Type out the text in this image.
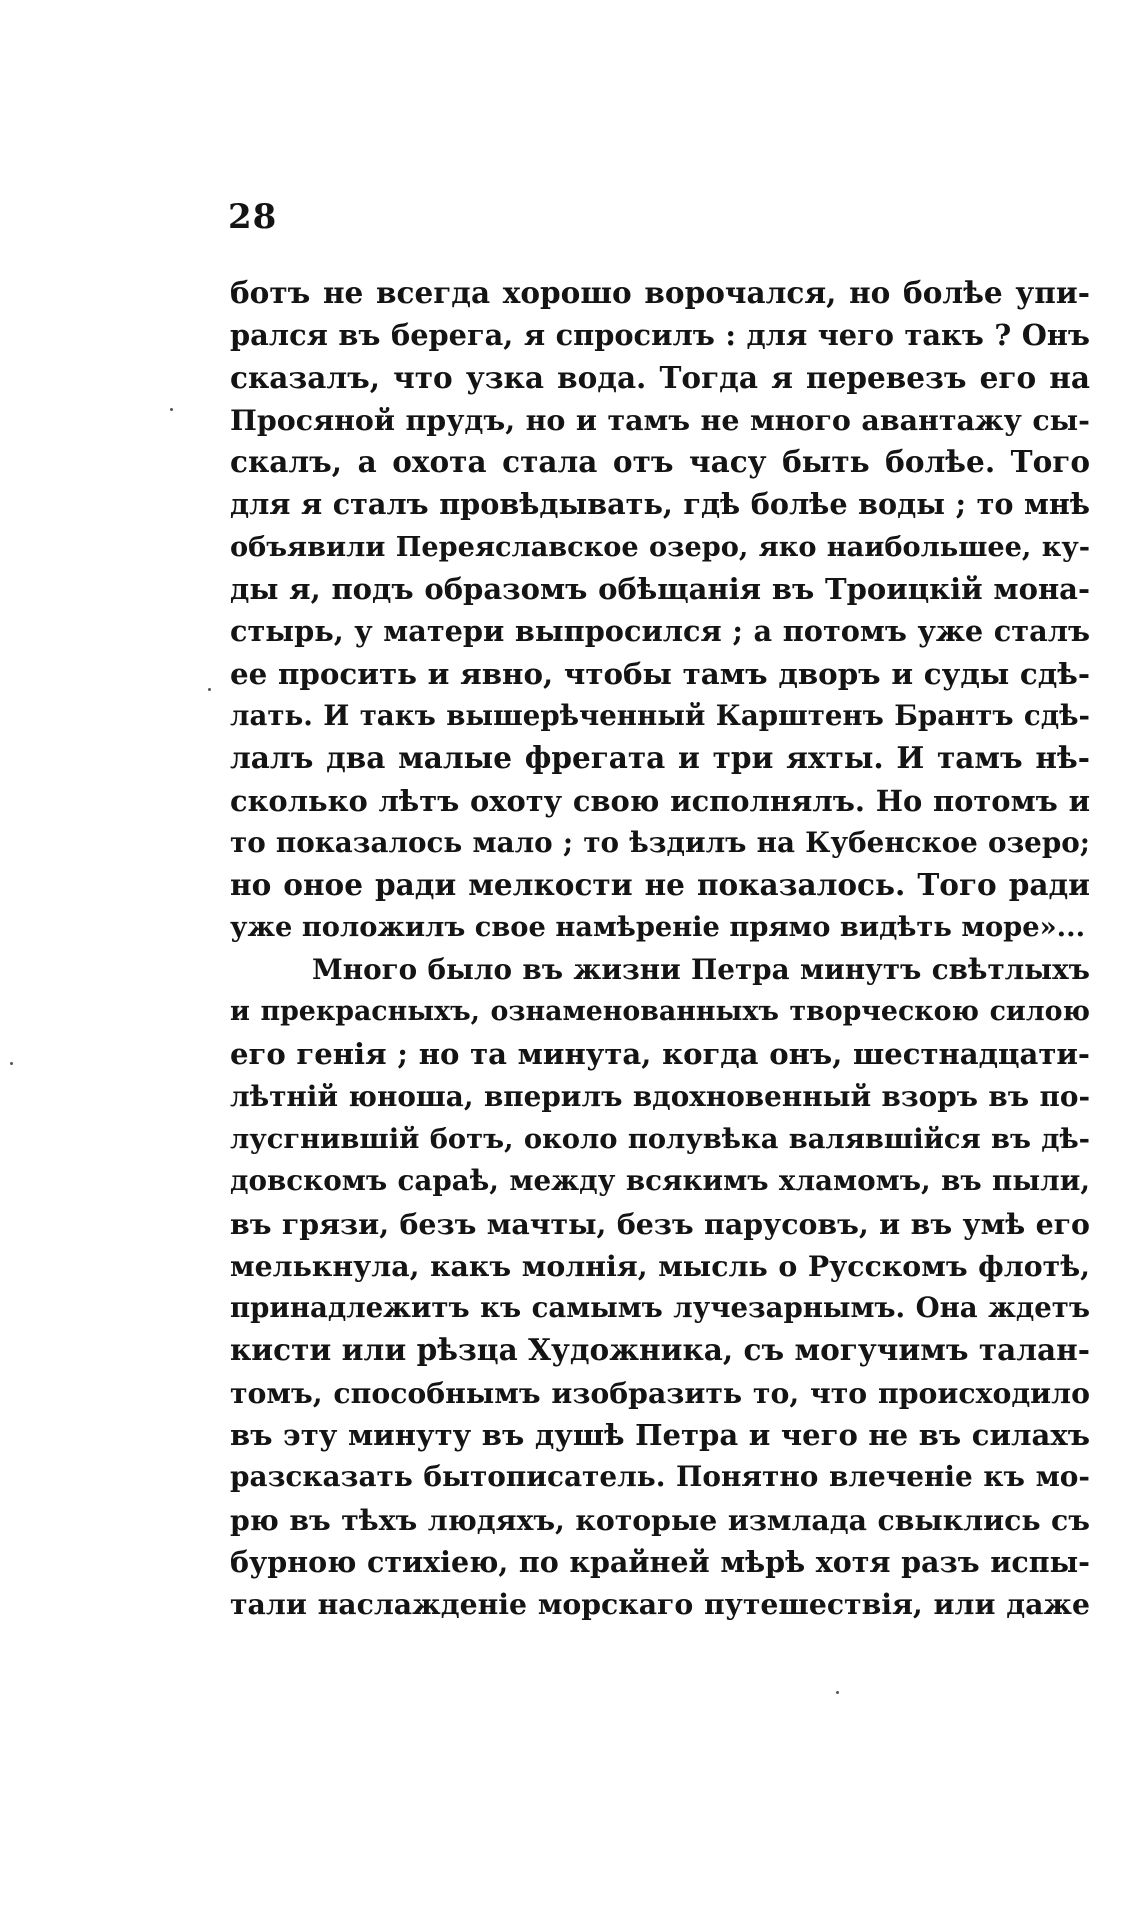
28
ботъ не всегда хорошо ворочался, но болѣе упи-
рался въ берега, я спросилъ : для чего такъ ? Онъ
сказалъ, что узка вода. Тогда я перевезъ его на
Просяной прудъ, но и тамъ не много авантажу сы-
скалъ, а охота стала отъ часу быть болѣе. Того
для я сталъ провѣдывать, гдѣ болѣе воды ; то мнѣ
объявили Переяславское озеро, яко наибольшее, ку-
ды я, подъ образомъ обѣщанія въ Троицкій мона-
стырь, у матери выпросился ; а потомъ уже сталъ
ее просить и явно, чтобы тамъ дворъ и суды сдѣ-
лать. И такъ вышерѣченный Карштенъ Брантъ сдѣ-
лалъ два малые фрегата и три яхты. И тамъ нѣ-
сколько лѣтъ охоту свою исполнялъ. Но потомъ и
то показалось мало ; то ѣздилъ на Кубенское озеро;
но оное ради мелкости не показалось. Того ради
уже положилъ свое намѣреніе прямо видѣть море»...
Много было въ жизни Петра минутъ свѣтлыхъ
и прекрасныхъ, ознаменованныхъ творческою силою
его генія ; но та минута, когда онъ, шестнадцати-
лѣтній юноша, вперилъ вдохновенный взоръ въ по-
лусгнившій ботъ, около полувѣка валявшійся въ дѣ-
довскомъ сараѣ, между всякимъ хламомъ, въ пыли,
въ грязи, безъ мачты, безъ парусовъ, и въ умѣ его
мелькнула, какъ молнія, мысль о Русскомъ флотѣ,
принадлежитъ къ самымъ лучезарнымъ. Она ждетъ
кисти или рѣзца Художника, съ могучимъ талан-
томъ, способнымъ изобразить то, что происходило
въ эту минуту въ душѣ Петра и чего не въ силахъ
разсказать бытописатель. Понятно влеченіе къ мо-
рю въ тѣхъ людяхъ, которые измлада свыклись съ
бурною стихіею, по крайней мѣрѣ хотя разъ испы-
тали наслажденіе морскаго путешествія, или даже
